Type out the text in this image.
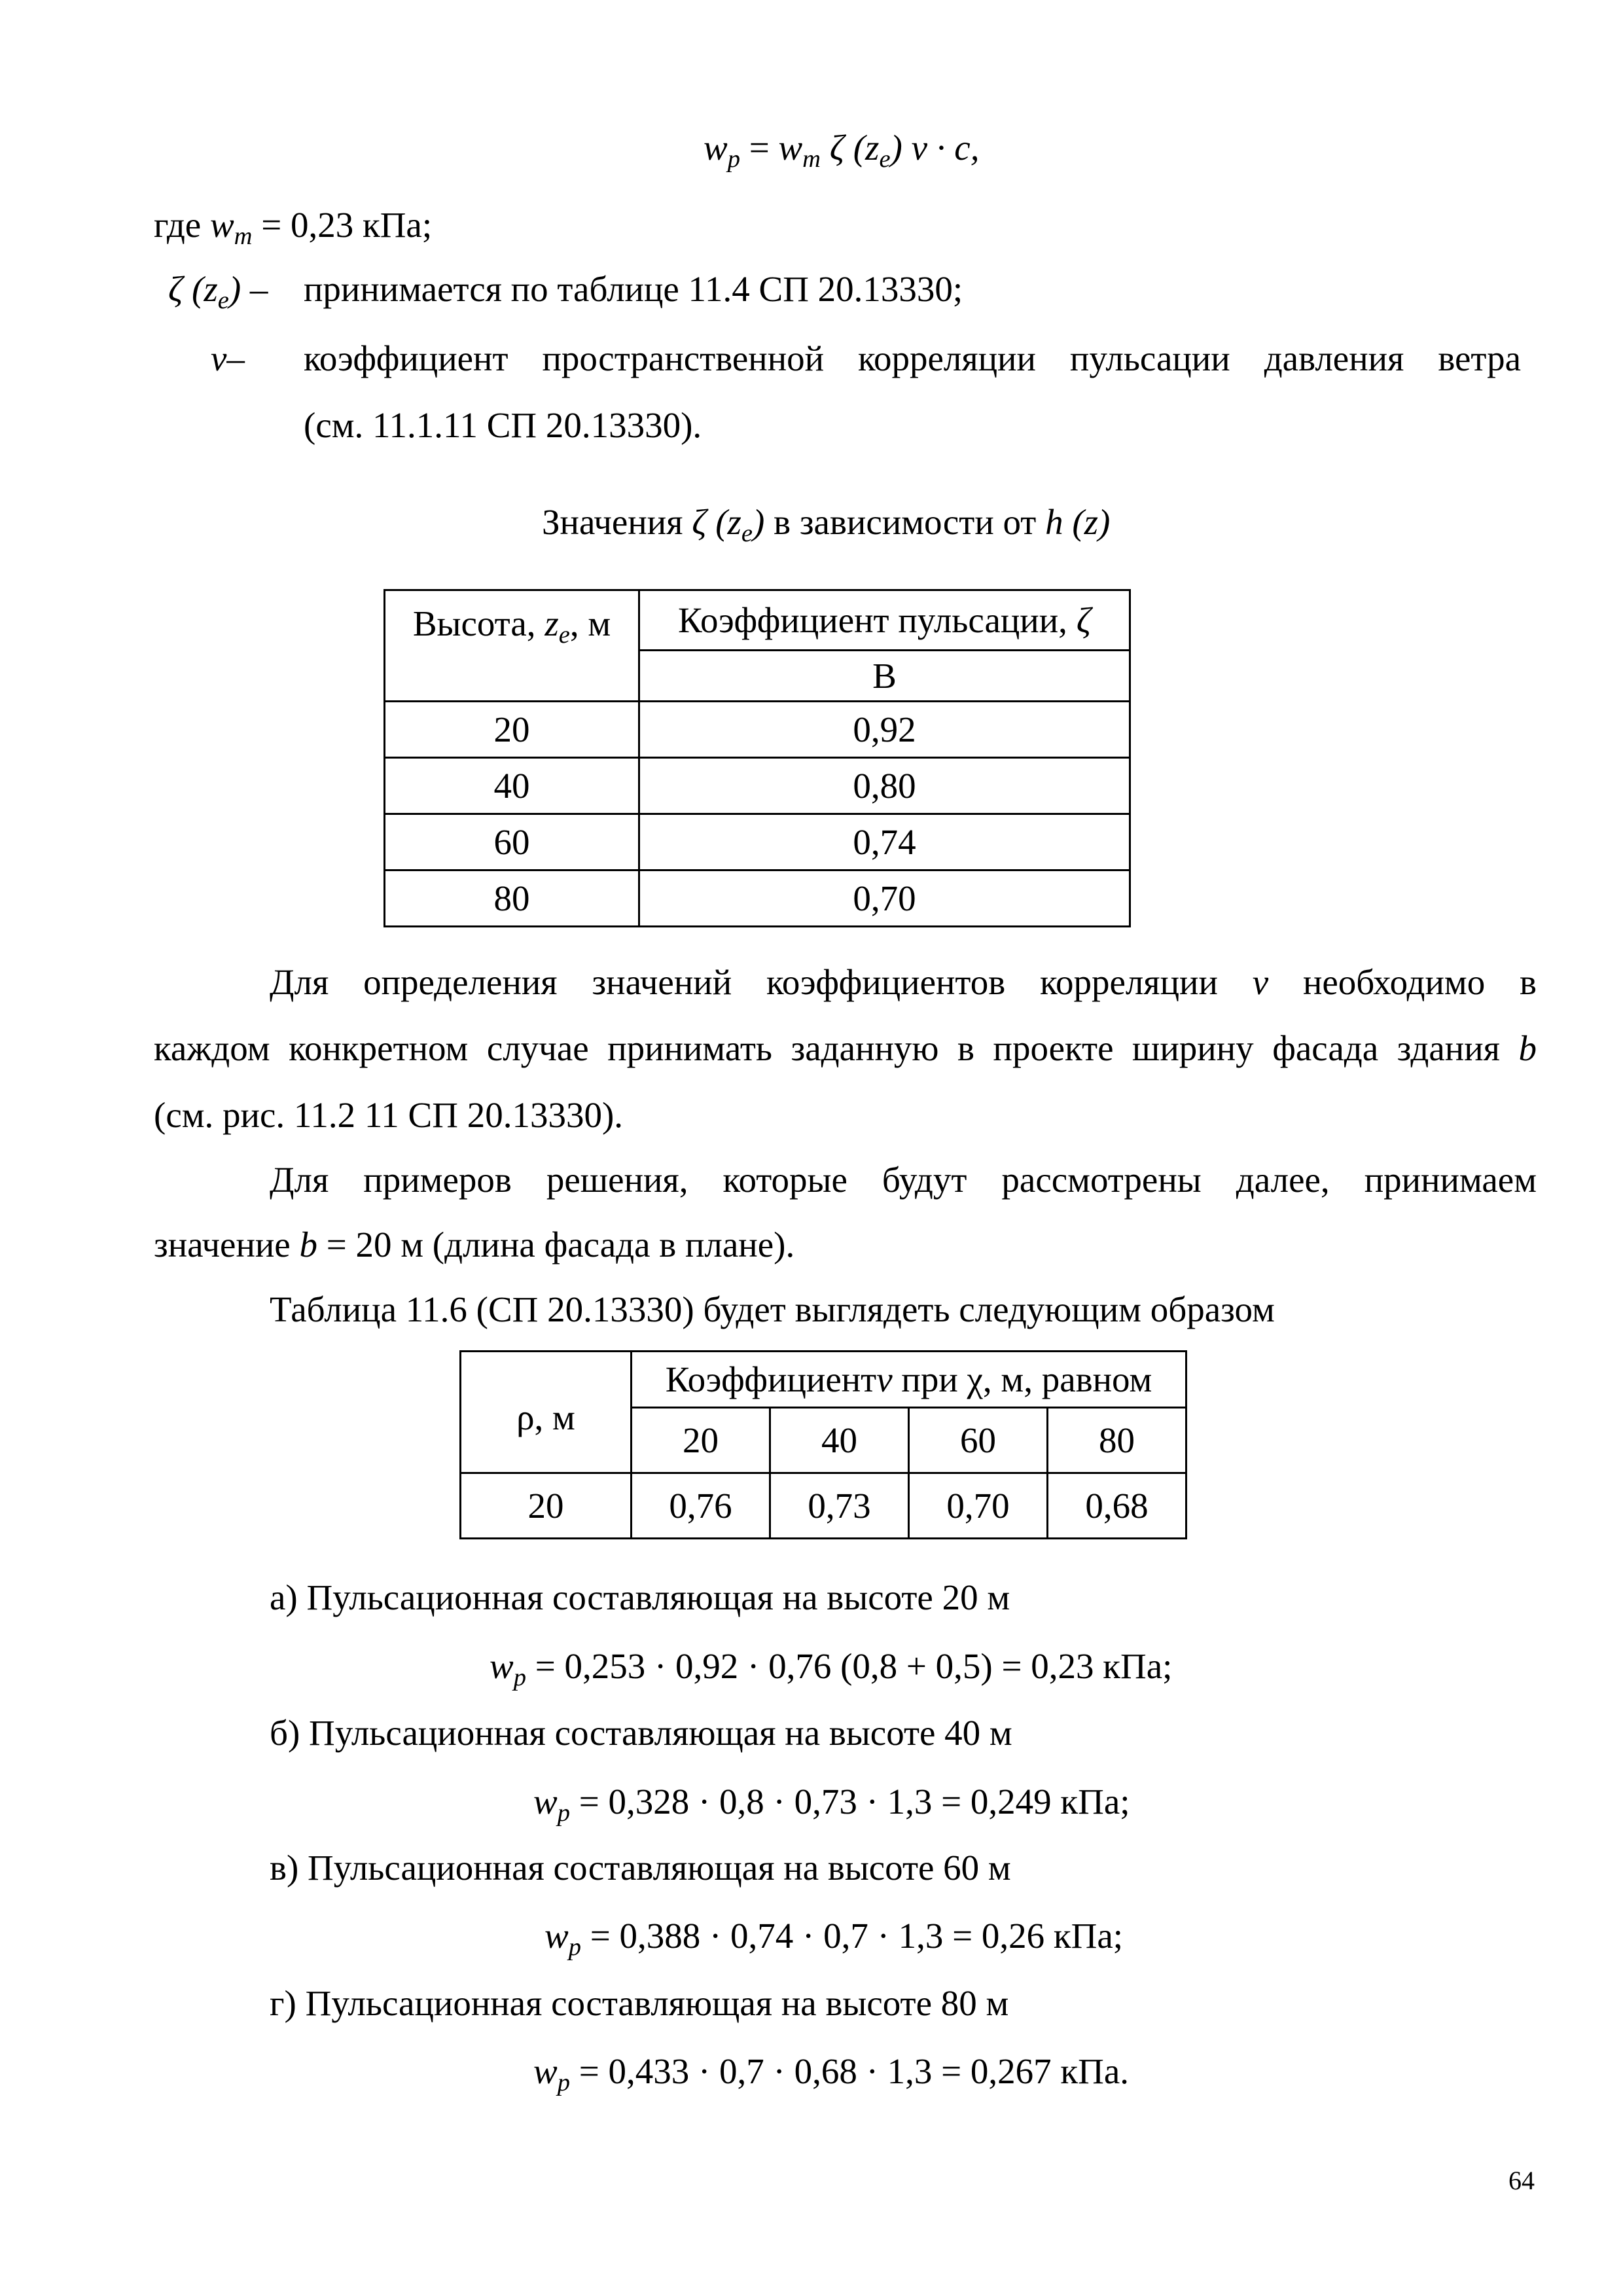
$w_p = w_m$ ζ $(z_e) \nu \cdot c$,
где $w_m = 0,23$ кПа;
ζ $(z_e)$ – принимается по таблице 11.4 СП 20.13330;
ν– коэффициент пространственной корреляции пульсации давления ветра
(см. 11.1.11 СП 20.13330).
Значения ζ $(z_e)$ в зависимости от h (z)
Высота, $z_e$, м	Коэффициент пульсации, ζ
	B
20	0,92
40	0,80
60	0,74
80	0,70
Для определения значений коэффициентов корреляции ν необходимо в
каждом конкретном случае принимать заданную в проекте ширину фасада здания b
(см. рис. 11.2 11 СП 20.13330).
Для примеров решения, которые будут рассмотрены далее, принимаем
значение b = 20 м (длина фасада в плане).
Таблица 11.6 (СП 20.13330) будет выглядеть следующим образом
ρ, м	Коэффициентν при χ, м, равном			
	20	40	60	80
20	0,76	0,73	0,70	0,68
а) Пульсационная составляющая на высоте 20 м
$w_p = 0,253 \cdot 0,92 \cdot 0,76$ (0,8 + 0,5) = 0,23 кПа;
б) Пульсационная составляющая на высоте 40 м
$w_p = 0,328 \cdot 0,8 \cdot 0,73 \cdot 1,3 = 0,249$ кПа;
в) Пульсационная составляющая на высоте 60 м
$w_p = 0,388 \cdot 0,74 \cdot 0,7 \cdot 1,3 = 0,26$ кПа;
г) Пульсационная составляющая на высоте 80 м
$w_p = 0,433 \cdot 0,7 \cdot 0,68 \cdot 1,3 = 0,267$ кПа.
64
